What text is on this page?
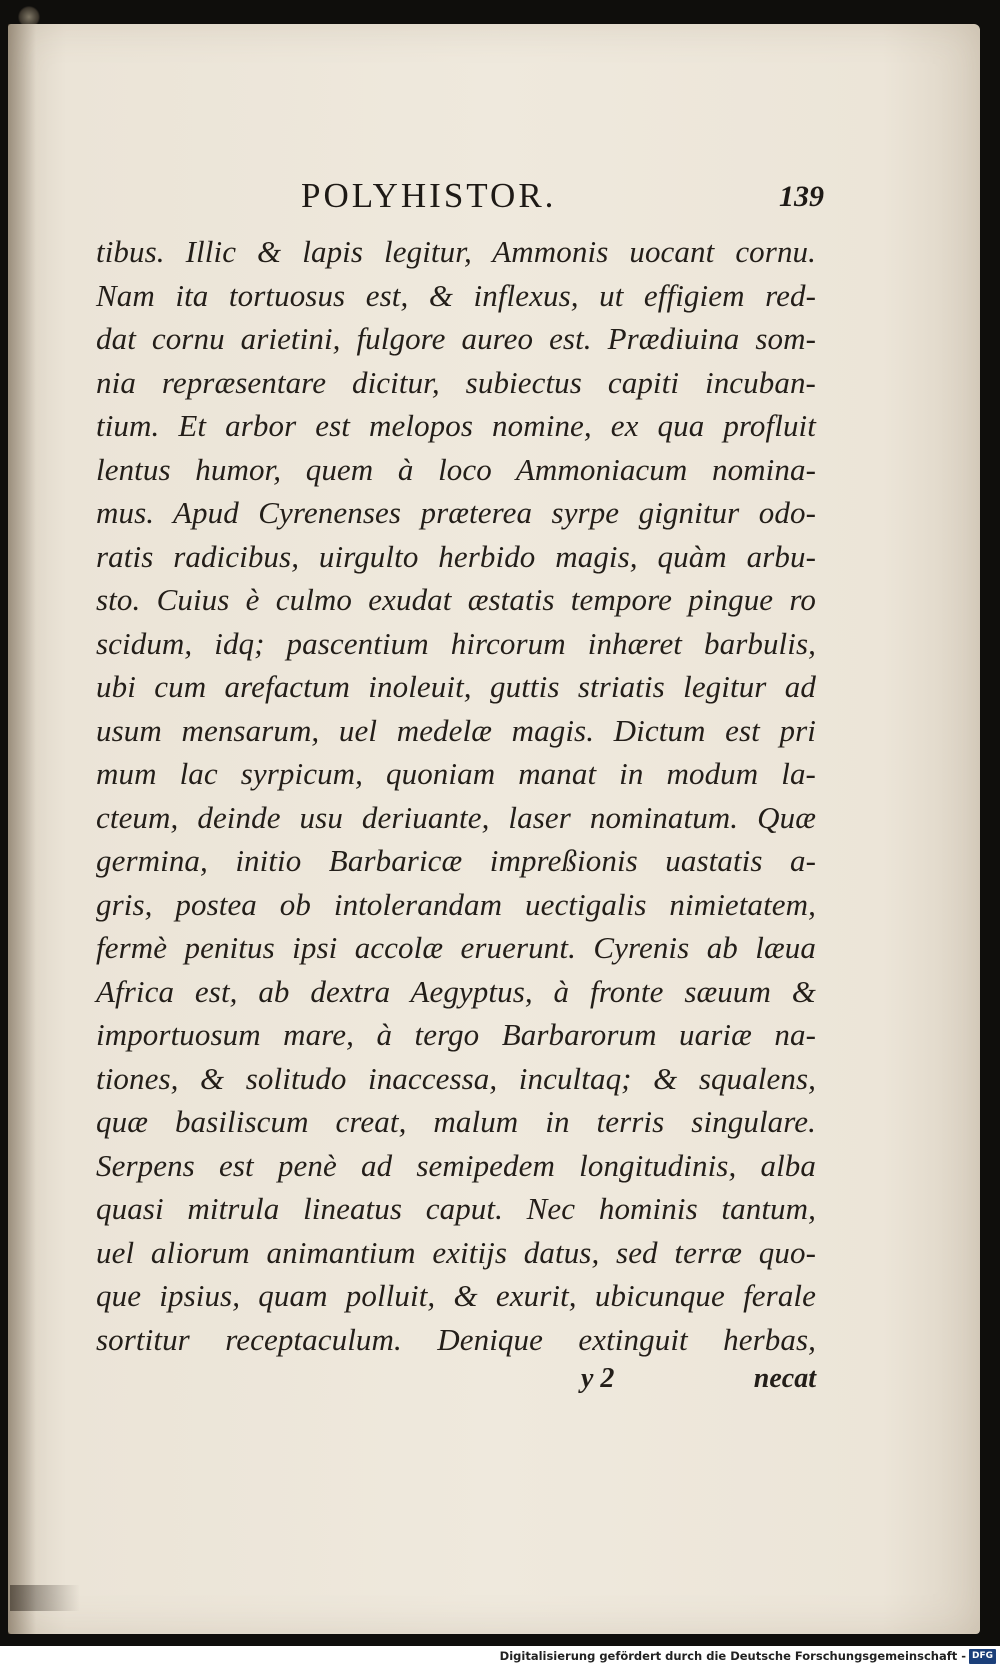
POLYHISTOR.	139
tibus. Illic & lapis legitur, Ammonis uocant cornu.
Nam ita tortuosus est, & inflexus, ut effigiem red-
dat cornu arietini, fulgore aureo est. Prædiuina som-
nia repræsentare dicitur, subiectus capiti incuban-
tium. Et arbor est melopos nomine, ex qua profluit
lentus humor, quem à loco Ammoniacum nomina-
mus. Apud Cyrenenses præterea syrpe gignitur odo-
ratis radicibus, uirgulto herbido magis, quàm arbu-
sto. Cuius è culmo exudat æstatis tempore pingue ro
scidum, idq; pascentium hircorum inhæret barbulis,
ubi cum arefactum inoleuit, guttis striatis legitur ad
usum mensarum, uel medelæ magis. Dictum est pri
mum lac syrpicum, quoniam manat in modum la-
cteum, deinde usu deriuante, laser nominatum. Quæ
germina, initio Barbaricæ impreßionis uastatis a-
gris, postea ob intolerandam uectigalis nimietatem,
fermè penitus ipsi accolæ eruerunt. Cyrenis ab læua
Africa est, ab dextra Aegyptus, à fronte sæuum &
importuosum mare, à tergo Barbarorum uariæ na-
tiones, & solitudo inaccessa, incultaq; & squalens,
quæ basiliscum creat, malum in terris singulare.
Serpens est penè ad semipedem longitudinis, alba
quasi mitrula lineatus caput. Nec hominis tantum,
uel aliorum animantium exitijs datus, sed terræ quo-
que ipsius, quam polluit, & exurit, ubicunque ferale
sortitur receptaculum. Denique extinguit herbas,
y 2	necat
Digitalisierung gefördert durch die Deutsche Forschungsgemeinschaft - DFG
